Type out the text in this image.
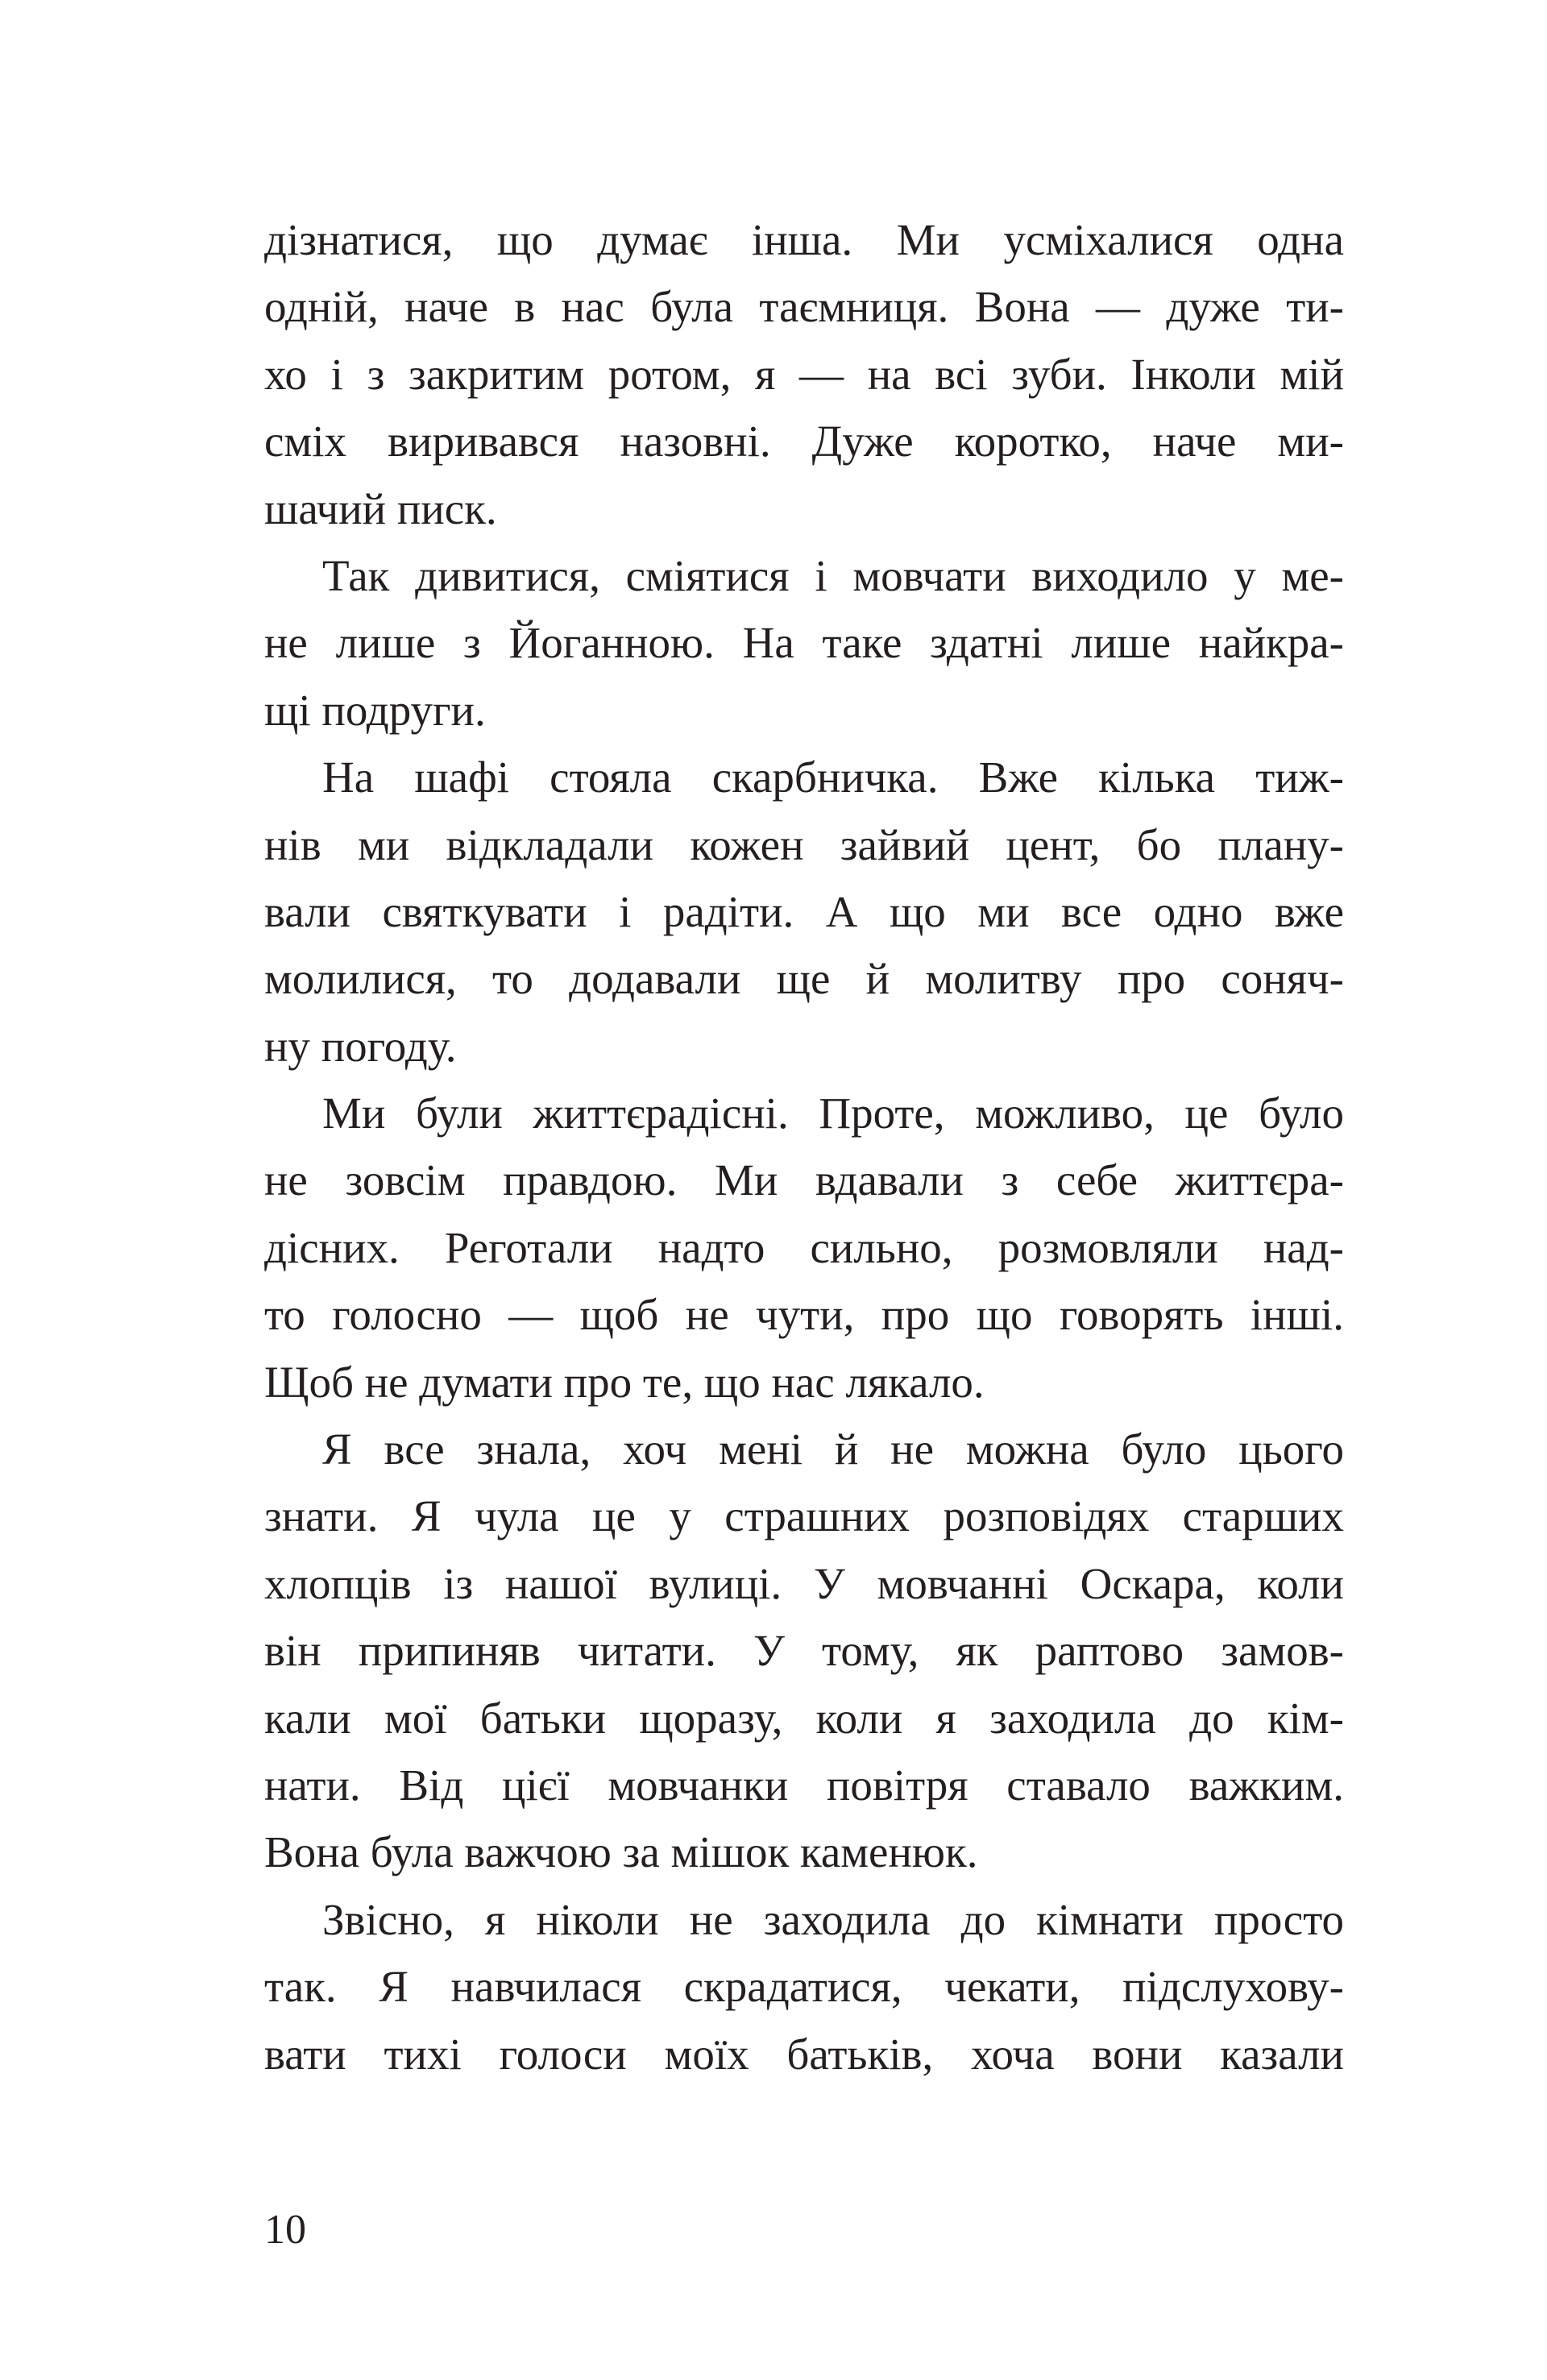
дізнатися, що думає інша. Ми усміхалися одна
одній, наче в нас була таємниця. Вона — дуже ти-
хо і з закритим ротом, я — на всі зуби. Інколи мій
сміх виривався назовні. Дуже коротко, наче ми-
шачий писк.
Так дивитися, сміятися і мовчати виходило у ме-
не лише з Йоганною. На таке здатні лише найкра-
щі подруги.
На шафі стояла скарбничка. Вже кілька тиж-
нів ми відкладали кожен зайвий цент, бо плану-
вали святкувати і радіти. А що ми все одно вже
молилися, то додавали ще й молитву про соняч-
ну погоду.
Ми були життєрадісні. Проте, можливо, це було
не зовсім правдою. Ми вдавали з себе життєра-
дісних. Реготали надто сильно, розмовляли над-
то голосно — щоб не чути, про що говорять інші.
Щоб не думати про те, що нас лякало.
Я все знала, хоч мені й не можна було цього
знати. Я чула це у страшних розповідях старших
хлопців із нашої вулиці. У мовчанні Оскара, коли
він припиняв читати. У тому, як раптово замов-
кали мої батьки щоразу, коли я заходила до кім-
нати. Від цієї мовчанки повітря ставало важким.
Вона була важчою за мішок каменюк.
Звісно, я ніколи не заходила до кімнати просто
так. Я навчилася скрадатися, чекати, підслухову-
вати тихі голоси моїх батьків, хоча вони казали
10
